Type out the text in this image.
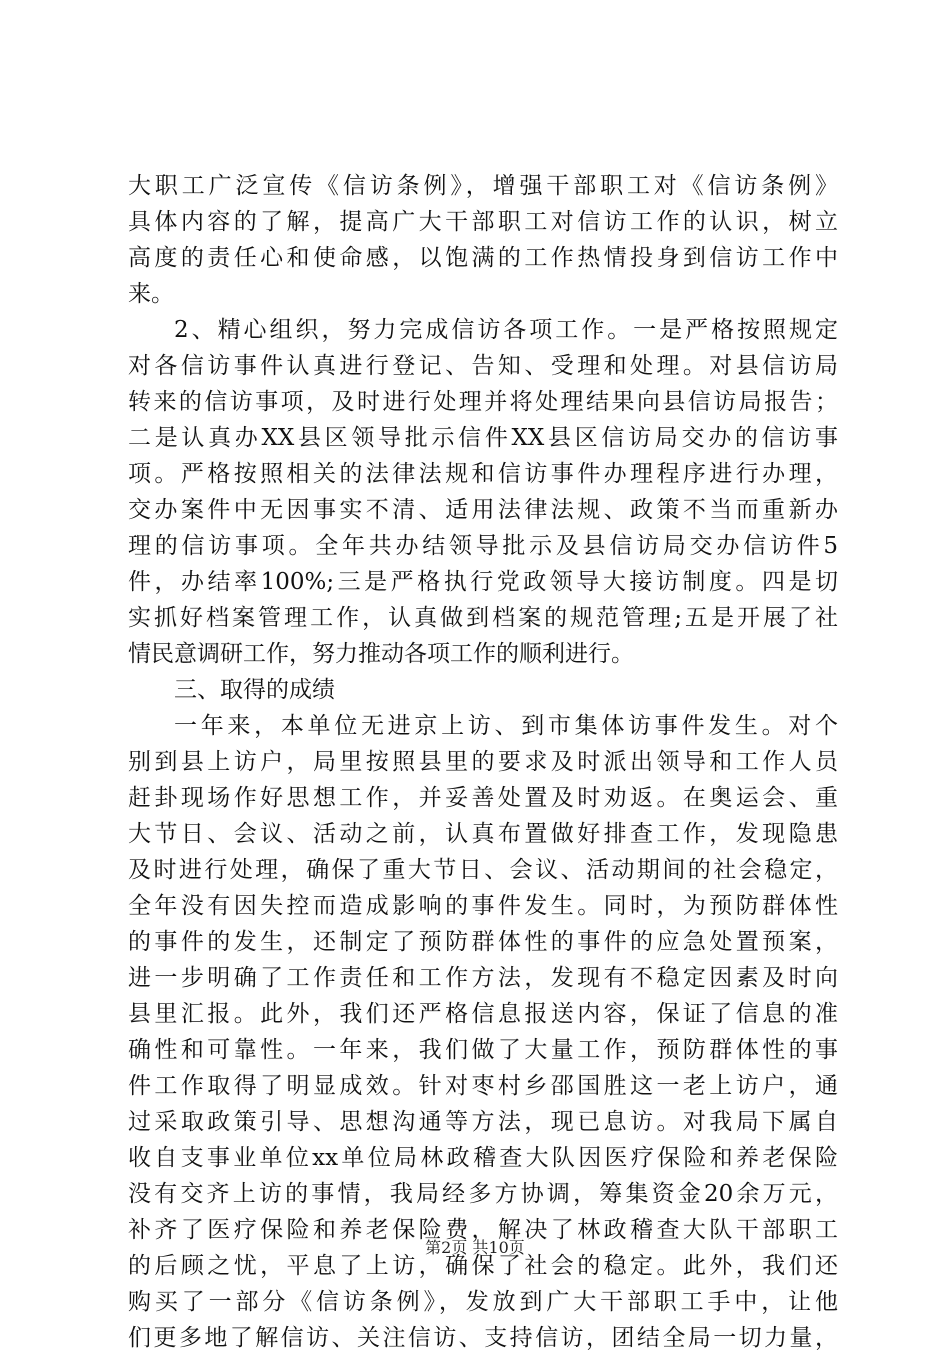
大职工广泛宣传《信访条例》，增强干部职工对《信访条例》
具体内容的了解，提高广大干部职工对信访工作的认识，树立
高度的责任心和使命感，以饱满的工作热情投身到信访工作中
来。
2、精心组织，努力完成信访各项工作。一是严格按照规定
对各信访事件认真进行登记、告知、受理和处理。对县信访局
转来的信访事项，及时进行处理并将处理结果向县信访局报告；
二是认真办XX县区领导批示信件XX县区信访局交办的信访事
项。严格按照相关的法律法规和信访事件办理程序进行办理，
交办案件中无因事实不清、适用法律法规、政策不当而重新办
理的信访事项。全年共办结领导批示及县信访局交办信访件5
件，办结率100%;三是严格执行党政领导大接访制度。四是切
实抓好档案管理工作，认真做到档案的规范管理;五是开展了社
情民意调研工作，努力推动各项工作的顺利进行。
三、取得的成绩
一年来，本单位无进京上访、到市集体访事件发生。对个
别到县上访户，局里按照县里的要求及时派出领导和工作人员
赶卦现场作好思想工作，并妥善处置及时劝返。在奥运会、重
大节日、会议、活动之前，认真布置做好排查工作，发现隐患
及时进行处理，确保了重大节日、会议、活动期间的社会稳定，
全年没有因失控而造成影响的事件发生。同时，为预防群体性
的事件的发生，还制定了预防群体性的事件的应急处置预案，
进一步明确了工作责任和工作方法，发现有不稳定因素及时向
县里汇报。此外，我们还严格信息报送内容，保证了信息的准
确性和可靠性。一年来，我们做了大量工作，预防群体性的事
件工作取得了明显成效。针对枣村乡邵国胜这一老上访户，通
过采取政策引导、思想沟通等方法，现已息访。对我局下属自
收自支事业单位xx单位局林政稽查大队因医疗保险和养老保险
没有交齐上访的事情，我局经多方协调，筹集资金20余万元，
补齐了医疗保险和养老保险费，解决了林政稽查大队干部职工
的后顾之忧，平息了上访，确保了社会的稳定。此外，我们还
购买了一部分《信访条例》，发放到广大干部职工手中，让他
们更多地了解信访、关注信访、支持信访，团结全局一切力量，
第2页 共10页
